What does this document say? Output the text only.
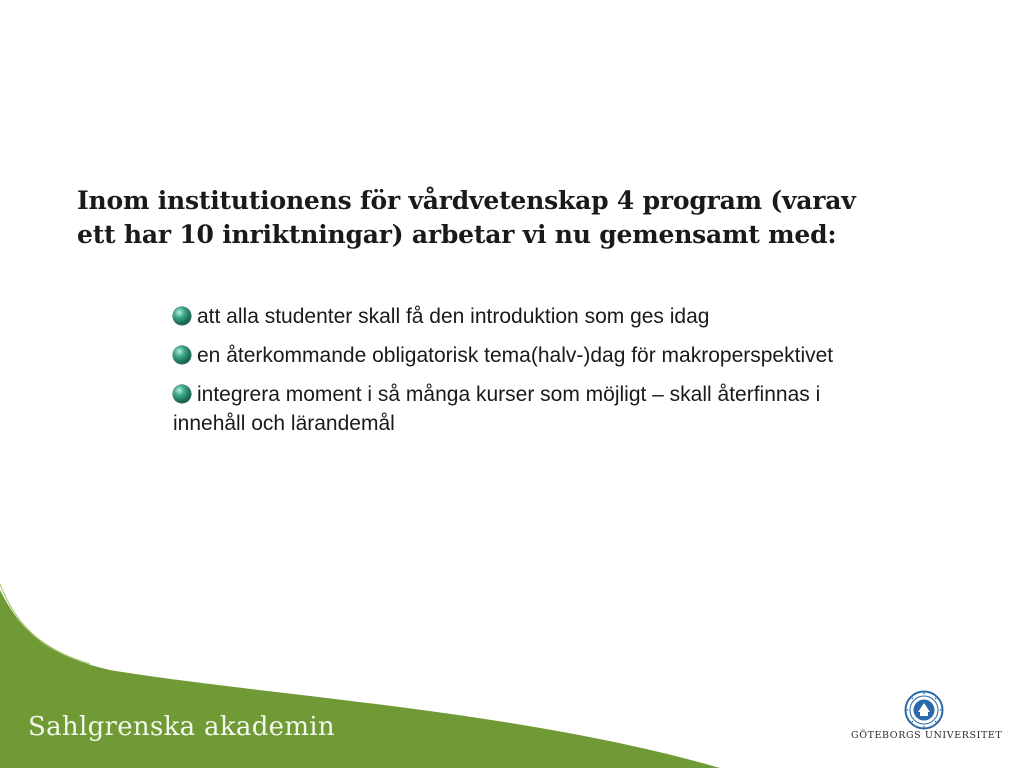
Inom institutionens för vårdvetenskap 4 program (varav
ett har 10 inriktningar) arbetar vi nu gemensamt med:
att alla studenter skall få den introduktion som ges idag
en återkommande obligatorisk tema(halv-)dag för makroperspektivet
integrera moment i så många kurser som möjligt – skall återfinnas i innehåll och lärandemål
Sahlgrenska akademin	GÖTEBORGS UNIVERSITET
